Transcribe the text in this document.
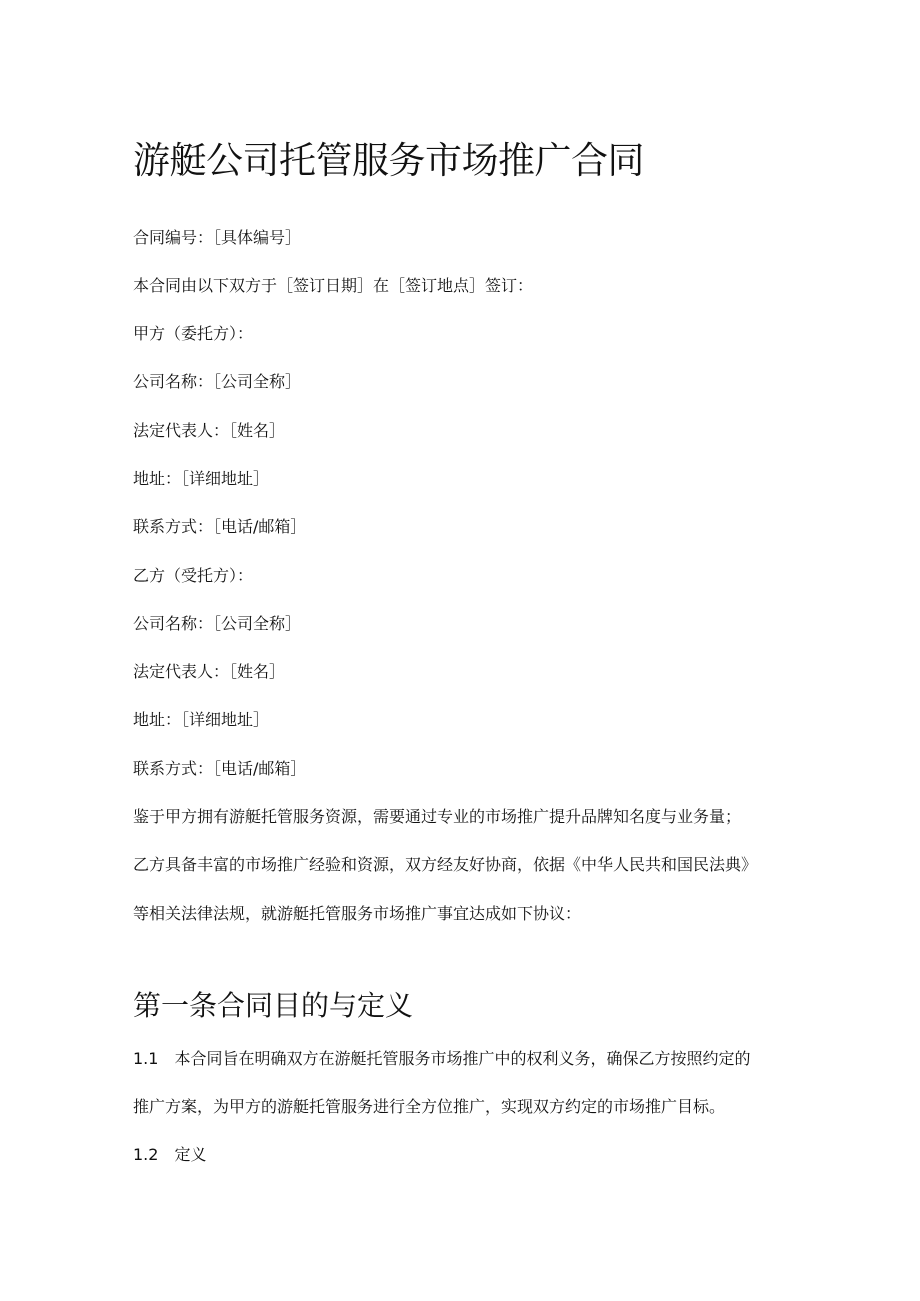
游艇公司托管服务市场推广合同

合同编号：［具体编号］

本合同由以下双方于［签订日期］在［签订地点］签订：

甲方（委托方）：

公司名称：［公司全称］

法定代表人：［姓名］

地址：［详细地址］

联系方式：［电话/邮箱］

乙方（受托方）：

公司名称：［公司全称］

法定代表人：［姓名］

地址：［详细地址］

联系方式：［电话/邮箱］

鉴于甲方拥有游艇托管服务资源，需要通过专业的市场推广提升品牌知名度与业务量；

乙方具备丰富的市场推广经验和资源，双方经友好协商，依据《中华人民共和国民法典》

等相关法律法规，就游艇托管服务市场推广事宜达成如下协议：

第一条合同目的与定义

1.1　本合同旨在明确双方在游艇托管服务市场推广中的权利义务，确保乙方按照约定的

推广方案，为甲方的游艇托管服务进行全方位推广，实现双方约定的市场推广目标。

1.2　定义
